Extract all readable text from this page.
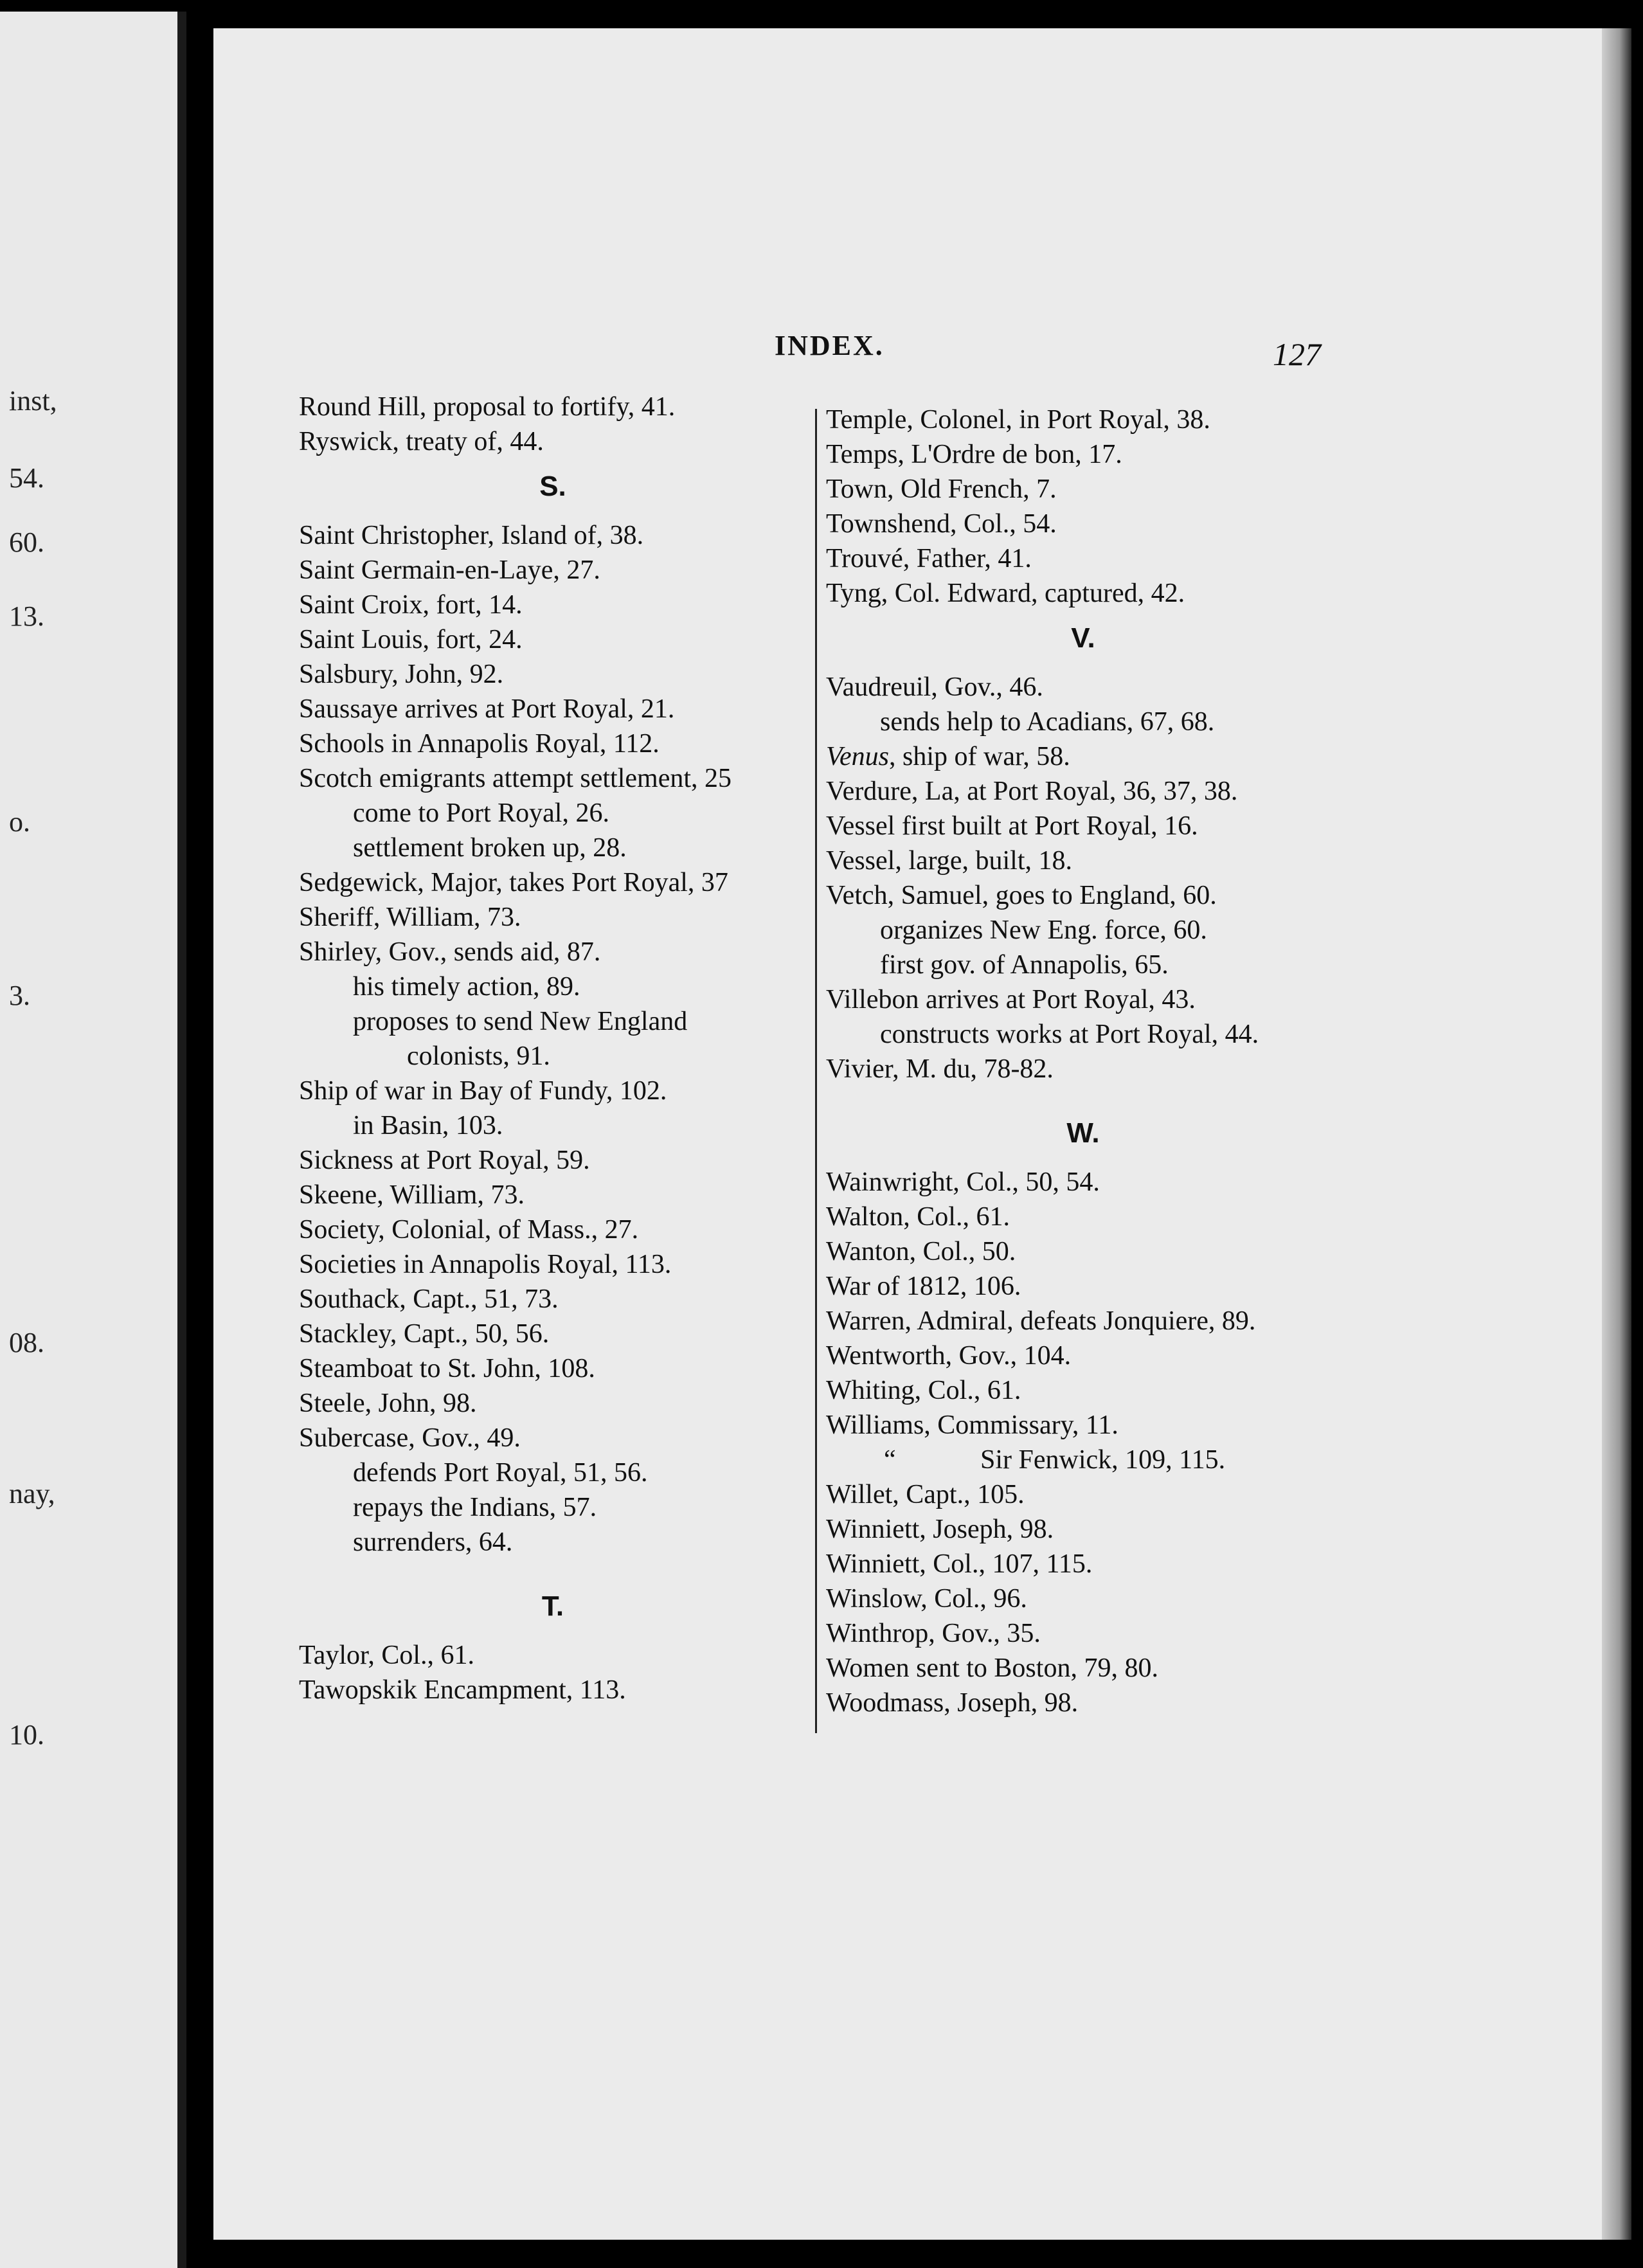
inst,
54.
60.
13.
o.
3.
08.
nay,
10.
INDEX.	127
Round Hill, proposal to fortify, 41.
Ryswick, treaty of, 44.
S.
Saint Christopher, Island of, 38.
Saint Germain-en-Laye, 27.
Saint Croix, fort, 14.
Saint Louis, fort, 24.
Salsbury, John, 92.
Saussaye arrives at Port Royal, 21.
Schools in Annapolis Royal, 112.
Scotch emigrants attempt settlement, 25
come to Port Royal, 26.
settlement broken up, 28.
Sedgewick, Major, takes Port Royal, 37
Sheriff, William, 73.
Shirley, Gov., sends aid, 87.
his timely action, 89.
proposes to send New England
colonists, 91.
Ship of war in Bay of Fundy, 102.
in Basin, 103.
Sickness at Port Royal, 59.
Skeene, William, 73.
Society, Colonial, of Mass., 27.
Societies in Annapolis Royal, 113.
Southack, Capt., 51, 73.
Stackley, Capt., 50, 56.
Steamboat to St. John, 108.
Steele, John, 98.
Subercase, Gov., 49.
defends Port Royal, 51, 56.
repays the Indians, 57.
surrenders, 64.
T.
Taylor, Col., 61.
Tawopskik Encampment, 113.
Temple, Colonel, in Port Royal, 38.
Temps, L'Ordre de bon, 17.
Town, Old French, 7.
Townshend, Col., 54.
Trouvé, Father, 41.
Tyng, Col. Edward, captured, 42.
V.
Vaudreuil, Gov., 46.
sends help to Acadians, 67, 68.
Venus, ship of war, 58.
Verdure, La, at Port Royal, 36, 37, 38.
Vessel first built at Port Royal, 16.
Vessel, large, built, 18.
Vetch, Samuel, goes to England, 60.
organizes New Eng. force, 60.
first gov. of Annapolis, 65.
Villebon arrives at Port Royal, 43.
constructs works at Port Royal, 44.
Vivier, M. du, 78-82.
W.
Wainwright, Col., 50, 54.
Walton, Col., 61.
Wanton, Col., 50.
War of 1812, 106.
Warren, Admiral, defeats Jonquiere, 89.
Wentworth, Gov., 104.
Whiting, Col., 61.
Williams, Commissary, 11.
“	Sir Fenwick, 109, 115.
Willet, Capt., 105.
Winniett, Joseph, 98.
Winniett, Col., 107, 115.
Winslow, Col., 96.
Winthrop, Gov., 35.
Women sent to Boston, 79, 80.
Woodmass, Joseph, 98.
